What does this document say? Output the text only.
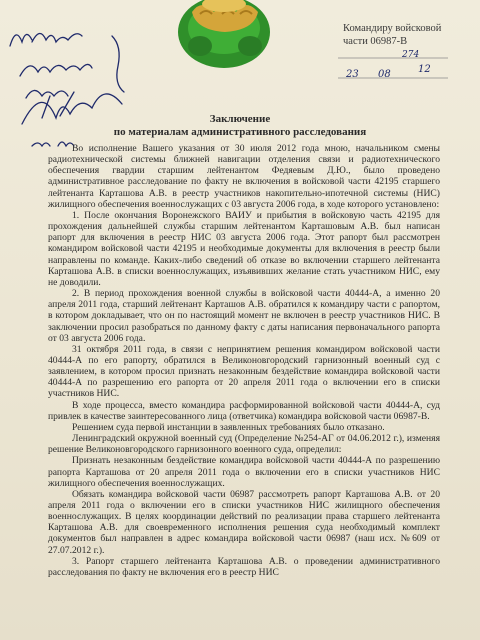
Командиру войсковой
части 06987-В
274
23 08	12
Заключение
по материалам административного расследования

Во исполнение Вашего указания от 30 июля 2012 года мною, начальником смены радиотехнической системы ближней навигации отделения связи и радиотехнического обеспечения гвардии старшим лейтенантом Федяевым Д.Ю., было проведено административное расследование по факту не включения в войсковой части 42195 старшего лейтенанта Карташова А.В. в реестр участников накопительно-ипотечной системы (НИС) жилищного обеспечения военнослужащих с 03 августа 2006 года, в ходе которого установлено:

1. После окончания Воронежского ВАИУ и прибытия в войсковую часть 42195 для прохождения дальнейшей службы старшим лейтенантом Карташовым А.В. был написан рапорт для включения в реестр НИС 03 августа 2006 года. Этот рапорт был рассмотрен командиром войсковой части 42195 и необходимые документы для включения в реестр были направлены по команде. Каких-либо сведений об отказе во включении старшего лейтенанта Карташова А.В. в списки военнослужащих, изъявивших желание стать участником НИС, ему не доводили.

2. В период прохождения военной службы в войсковой части 40444-А, а именно 20 апреля 2011 года, старший лейтенант Карташов А.В. обратился к командиру части с рапортом, в котором докладывает, что он по настоящий момент не включен в реестр участников НИС. В заключении просил разобраться по данному факту с даты написания первоначального рапорта от 03 августа 2006 года.

31 октября 2011 года, в связи с непринятием решения командиром войсковой части 40444-А по его рапорту, обратился в Великоновгородский гарнизонный военный суд с заявлением, в котором просил признать незаконным бездействие командира войсковой части 40444-А по разрешению его рапорта от 20 апреля 2011 года о включении его в списки участников НИС.

В ходе процесса, вместо командира расформированной войсковой части 40444-А, суд привлек в качестве заинтересованного лица (ответчика) командира войсковой части 06987-В.

Решением суда первой инстанции в заявленных требованиях было отказано.

Ленинградский окружной военный суд (Определение №254-АГ от 04.06.2012 г.), изменяя решение Великоновгородского гарнизонного военного суда, определил:

Признать незаконным бездействие командира войсковой части 40444-А по разрешению рапорта Карташова от 20 апреля 2011 года о включении его в списки участников НИС жилищного обеспечения военнослужащих.

Обязать командира войсковой части 06987 рассмотреть рапорт Карташова А.В. от 20 апреля 2011 года о включении его в списки участников НИС жилищного обеспечения военнослужащих. В целях координации действий по реализации права старшего лейтенанта Карташова А.В. для своевременного исполнения решения суда необходимый комплект документов был направлен в адрес командира войсковой части 06987 (наш исх. №609 от 27.07.2012 г.).

3. Рапорт старшего лейтенанта Карташова А.В. о проведении административного расследования по факту не включения его в реестр НИС
